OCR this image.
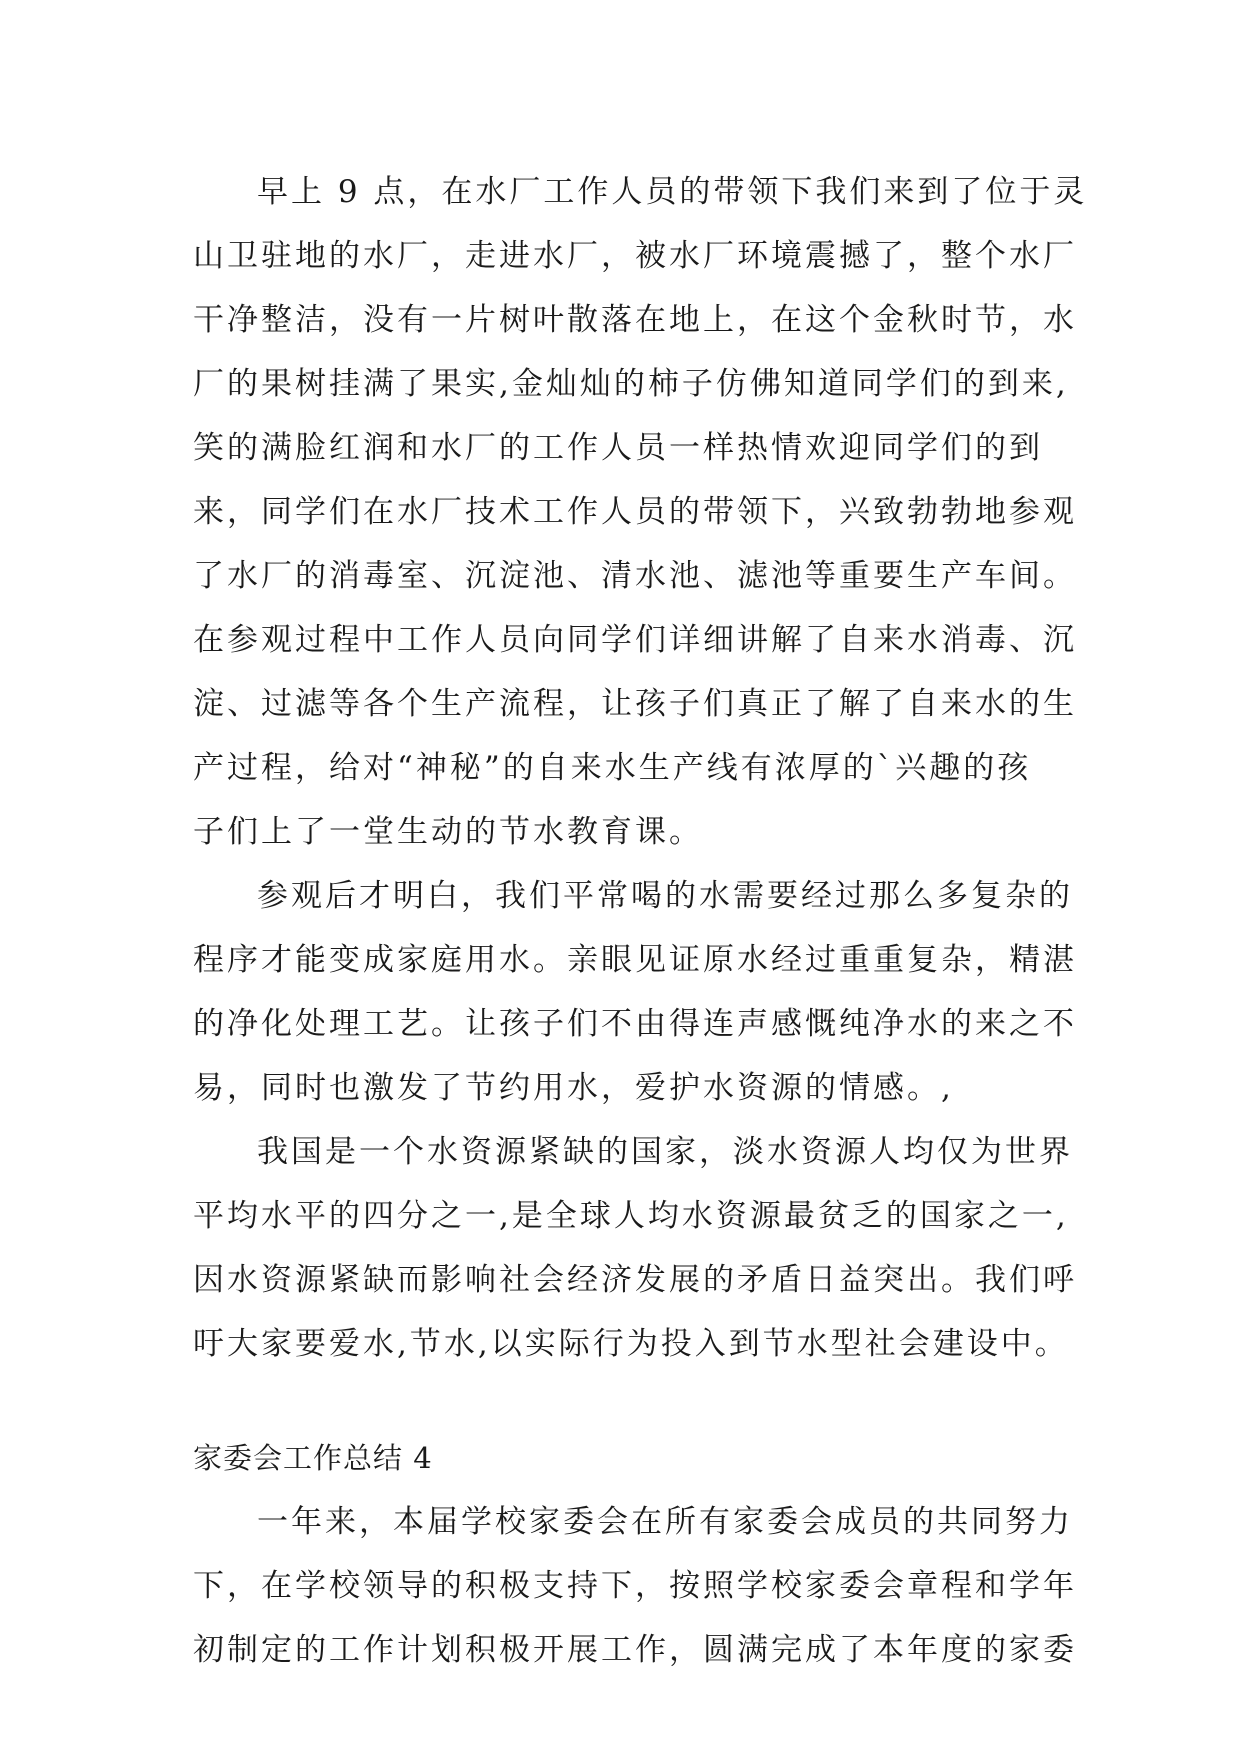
早上 9 点，在水厂工作人员的带领下我们来到了位于灵
山卫驻地的水厂，走进水厂，被水厂环境震撼了，整个水厂
干净整洁，没有一片树叶散落在地上，在这个金秋时节，水
厂的果树挂满了果实,金灿灿的柿子仿佛知道同学们的到来,
笑的满脸红润和水厂的工作人员一样热情欢迎同学们的到
来，同学们在水厂技术工作人员的带领下，兴致勃勃地参观
了水厂的消毒室、沉淀池、清水池、滤池等重要生产车间。
在参观过程中工作人员向同学们详细讲解了自来水消毒、沉
淀、过滤等各个生产流程，让孩子们真正了解了自来水的生
产过程，给对“神秘”的自来水生产线有浓厚的`兴趣的孩
子们上了一堂生动的节水教育课。
参观后才明白，我们平常喝的水需要经过那么多复杂的
程序才能变成家庭用水。亲眼见证原水经过重重复杂，精湛
的净化处理工艺。让孩子们不由得连声感慨纯净水的来之不
易，同时也激发了节约用水，爱护水资源的情感。,
我国是一个水资源紧缺的国家，淡水资源人均仅为世界
平均水平的四分之一,是全球人均水资源最贫乏的国家之一,
因水资源紧缺而影响社会经济发展的矛盾日益突出。我们呼
吁大家要爱水,节水,以实际行为投入到节水型社会建设中。
家委会工作总结 4
一年来，本届学校家委会在所有家委会成员的共同努力
下，在学校领导的积极支持下，按照学校家委会章程和学年
初制定的工作计划积极开展工作，圆满完成了本年度的家委
